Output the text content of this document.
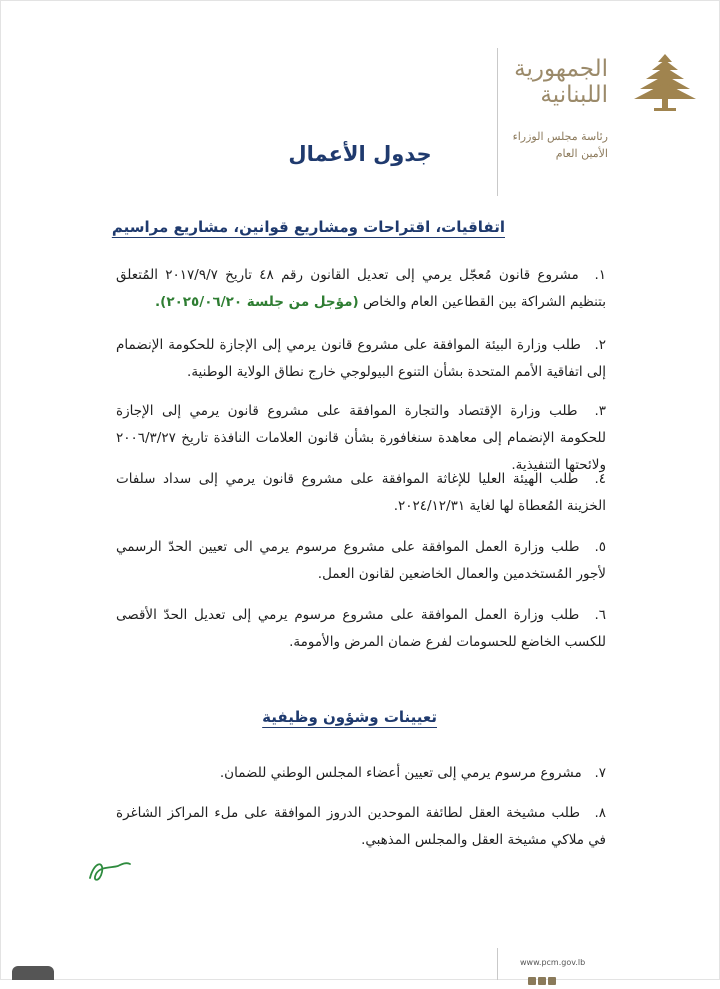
الجمهورية اللبنانية
رئاسة مجلس الوزراء
الأمين العام
جدول الأعمال
اتفاقيات، اقتراحات ومشاريع قوانين، مشاريع مراسيم
١. مشروع قانون مُعجّل يرمي إلى تعديل القانون رقم ٤٨ تاريخ ٢٠١٧/٩/٧ المُتعلق بتنظيم الشراكة بين القطاعين العام والخاص (مؤجل من جلسة ٢٠٢٥/٠٦/٢٠).
٢. طلب وزارة البيئة الموافقة على مشروع قانون يرمي إلى الإجازة للحكومة الإنضمام إلى اتفاقية الأمم المتحدة بشأن التنوع البيولوجي خارج نطاق الولاية الوطنية.
٣. طلب وزارة الإقتصاد والتجارة الموافقة على مشروع قانون يرمي إلى الإجازة للحكومة الإنضمام إلى معاهدة سنغافورة بشأن قانون العلامات النافذة تاريخ ٢٠٠٦/٣/٢٧ ولائحتها التنفيذية.
٤. طلب الهيئة العليا للإغاثة الموافقة على مشروع قانون يرمي إلى سداد سلفات الخزينة المُعطاة لها لغاية ٢٠٢٤/١٢/٣١.
٥. طلب وزارة العمل الموافقة على مشروع مرسوم يرمي الى تعيين الحدّ الرسمي لأجور المُستخدمين والعمال الخاضعين لقانون العمل.
٦. طلب وزارة العمل الموافقة على مشروع مرسوم يرمي إلى تعديل الحدّ الأقصى للكسب الخاضع للحسومات لفرع ضمان المرض والأمومة.
تعيينات وشؤون وظيفية
٧. مشروع مرسوم يرمي إلى تعيين أعضاء المجلس الوطني للضمان.
٨. طلب مشيخة العقل لطائفة الموحدين الدروز الموافقة على ملء المراكز الشاغرة في ملاكي مشيخة العقل والمجلس المذهبي.
www.pcm.gov.lb
